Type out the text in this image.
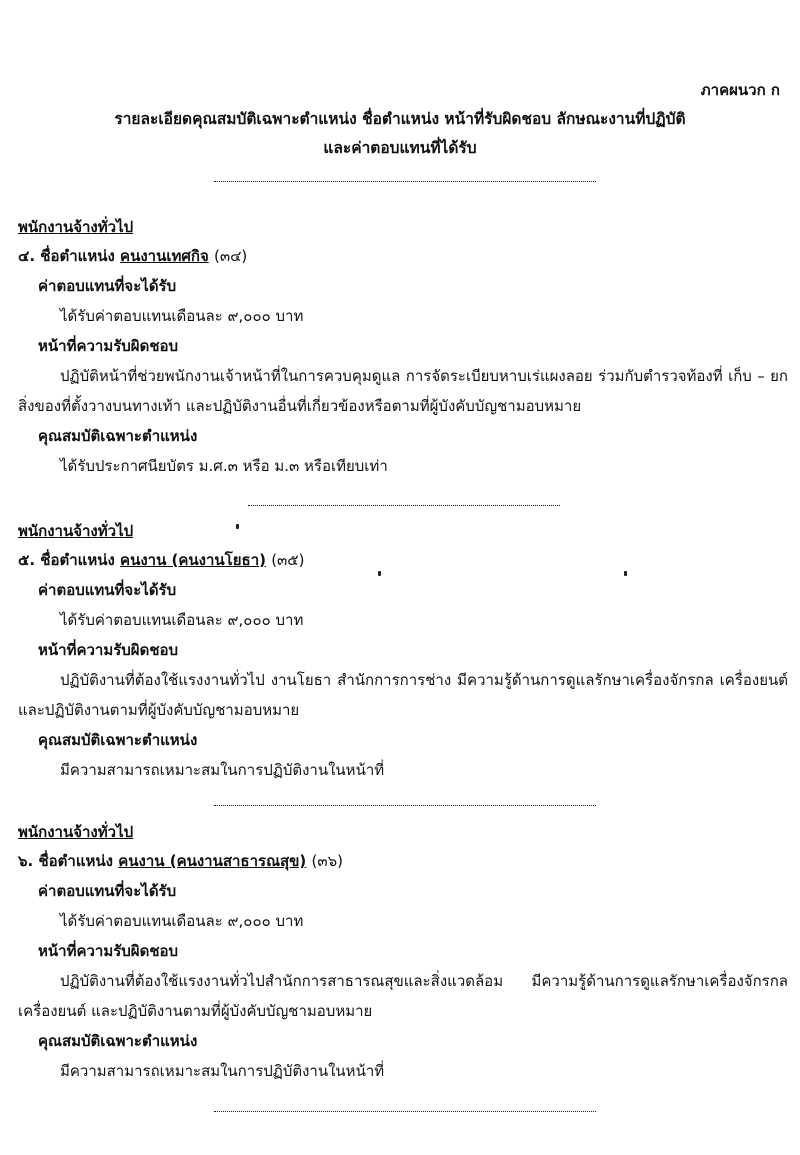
ภาคผนวก ก
รายละเอียดคุณสมบัติเฉพาะตำแหน่ง ชื่อตำแหน่ง หน้าที่รับผิดชอบ ลักษณะงานที่ปฏิบัติ
และค่าตอบแทนที่ได้รับ

พนักงานจ้างทั่วไป

๔. ชื่อตำแหน่ง คนงานเทศกิจ (๓๔)

ค่าตอบแทนที่จะได้รับ

ได้รับค่าตอบแทนเดือนละ ๙,๐๐๐ บาท

หน้าที่ความรับผิดชอบ

ปฏิบัติหน้าที่ช่วยพนักงานเจ้าหน้าที่ในการควบคุมดูแล การจัดระเบียบหาบเร่แผงลอย ร่วมกับตำรวจท้องที่ เก็บ – ยก สิ่งของที่ตั้งวางบนทางเท้า และปฏิบัติงานอื่นที่เกี่ยวข้องหรือตามที่ผู้บังคับบัญชามอบหมาย

คุณสมบัติเฉพาะตำแหน่ง

ได้รับประกาศนียบัตร ม.ศ.๓ หรือ ม.๓ หรือเทียบเท่า

พนักงานจ้างทั่วไป

๕. ชื่อตำแหน่ง คนงาน (คนงานโยธา) (๓๕)

ค่าตอบแทนที่จะได้รับ

ได้รับค่าตอบแทนเดือนละ ๙,๐๐๐ บาท

หน้าที่ความรับผิดชอบ

ปฏิบัติงานที่ต้องใช้แรงงานทั่วไป งานโยธา สำนักการการช่าง มีความรู้ด้านการดูแลรักษาเครื่องจักรกล เครื่องยนต์ และปฏิบัติงานตามที่ผู้บังคับบัญชามอบหมาย

คุณสมบัติเฉพาะตำแหน่ง

มีความสามารถเหมาะสมในการปฏิบัติงานในหน้าที่

พนักงานจ้างทั่วไป

๖. ชื่อตำแหน่ง คนงาน (คนงานสาธารณสุข) (๓๖)

ค่าตอบแทนที่จะได้รับ

ได้รับค่าตอบแทนเดือนละ ๙,๐๐๐ บาท

หน้าที่ความรับผิดชอบ

ปฏิบัติงานที่ต้องใช้แรงงานทั่วไปสำนักการสาธารณสุขและสิ่งแวดล้อม มีความรู้ด้านการดูแลรักษาเครื่องจักรกล เครื่องยนต์ และปฏิบัติงานตามที่ผู้บังคับบัญชามอบหมาย

คุณสมบัติเฉพาะตำแหน่ง

มีความสามารถเหมาะสมในการปฏิบัติงานในหน้าที่
